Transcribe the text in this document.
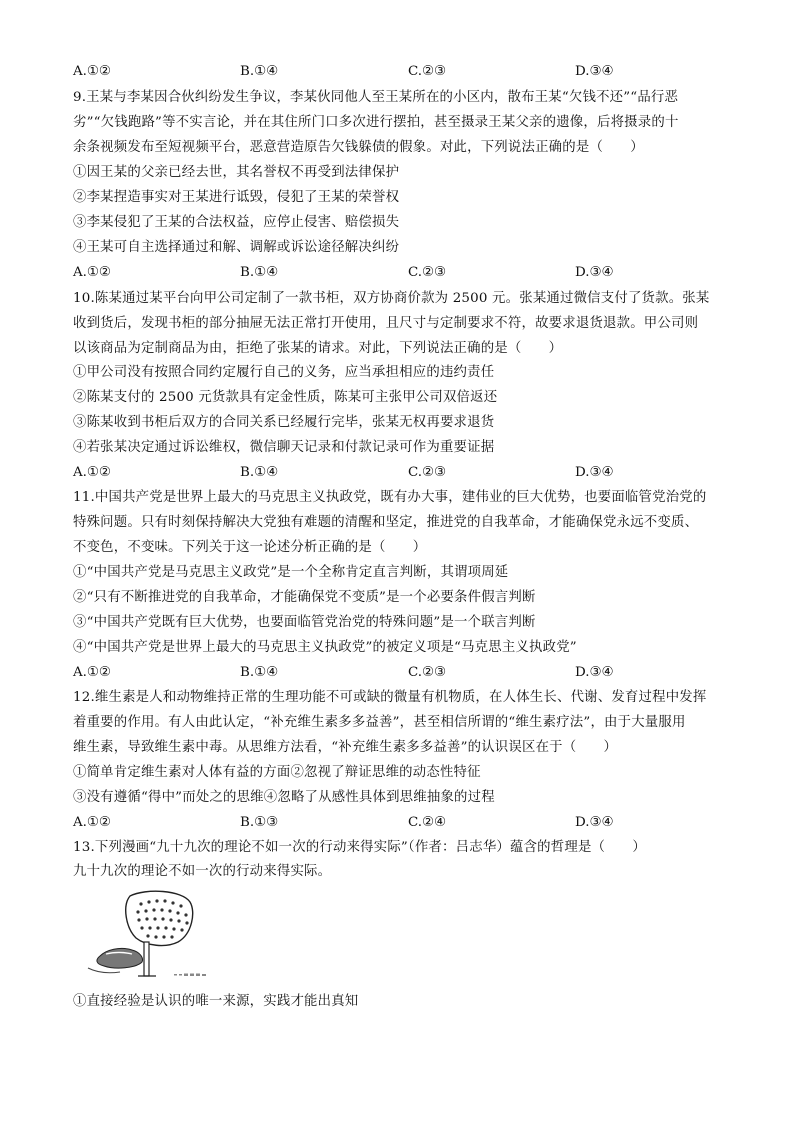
A.①②	B.①④	C.②③	D.③④
9.王某与李某因合伙纠纷发生争议，李某伙同他人至王某所在的小区内，散布王某“欠钱不还”“品行恶
劣”“欠钱跑路”等不实言论，并在其住所门口多次进行摆拍，甚至摄录王某父亲的遗像，后将摄录的十
余条视频发布至短视频平台，恶意营造原告欠钱躲债的假象。对此，下列说法正确的是（　　）
①因王某的父亲已经去世，其名誉权不再受到法律保护
②李某捏造事实对王某进行诋毁，侵犯了王某的荣誉权
③李某侵犯了王某的合法权益，应停止侵害、赔偿损失
④王某可自主选择通过和解、调解或诉讼途径解决纠纷
A.①②	B.①④	C.②③	D.③④
10.陈某通过某平台向甲公司定制了一款书柜，双方协商价款为 2500 元。张某通过微信支付了货款。张某
收到货后，发现书柜的部分抽屉无法正常打开使用，且尺寸与定制要求不符，故要求退货退款。甲公司则
以该商品为定制商品为由，拒绝了张某的请求。对此，下列说法正确的是（　　）
①甲公司没有按照合同约定履行自己的义务，应当承担相应的违约责任
②陈某支付的 2500 元货款具有定金性质，陈某可主张甲公司双倍返还
③陈某收到书柜后双方的合同关系已经履行完毕，张某无权再要求退货
④若张某决定通过诉讼维权，微信聊天记录和付款记录可作为重要证据
A.①②	B.①④	C.②③	D.③④
11.中国共产党是世界上最大的马克思主义执政党，既有办大事，建伟业的巨大优势，也要面临管党治党的
特殊问题。只有时刻保持解决大党独有难题的清醒和坚定，推进党的自我革命，才能确保党永远不变质、
不变色，不变味。下列关于这一论述分析正确的是（　　）
①“中国共产党是马克思主义政党”是一个全称肯定直言判断，其谓项周延
②“只有不断推进党的自我革命，才能确保党不变质”是一个必要条件假言判断
③“中国共产党既有巨大优势，也要面临管党治党的特殊问题”是一个联言判断
④“中国共产党是世界上最大的马克思主义执政党”的被定义项是“马克思主义执政党”
A.①②	B.①④	C.②③	D.③④
12.维生素是人和动物维持正常的生理功能不可或缺的微量有机物质，在人体生长、代谢、发育过程中发挥
着重要的作用。有人由此认定，“补充维生素多多益善”，甚至相信所谓的“维生素疗法”，由于大量服用
维生素，导致维生素中毒。从思维方法看，“补充维生素多多益善”的认识误区在于（　　）
①简单肯定维生素对人体有益的方面②忽视了辩证思维的动态性特征
③没有遵循“得中”而处之的思维④忽略了从感性具体到思维抽象的过程
A.①②	B.①③	C.②④	D.③④
13.下列漫画“九十九次的理论不如一次的行动来得实际”（作者：吕志华）蕴含的哲理是（　　）
九十九次的理论不如一次的行动来得实际。
①直接经验是认识的唯一来源，实践才能出真知
